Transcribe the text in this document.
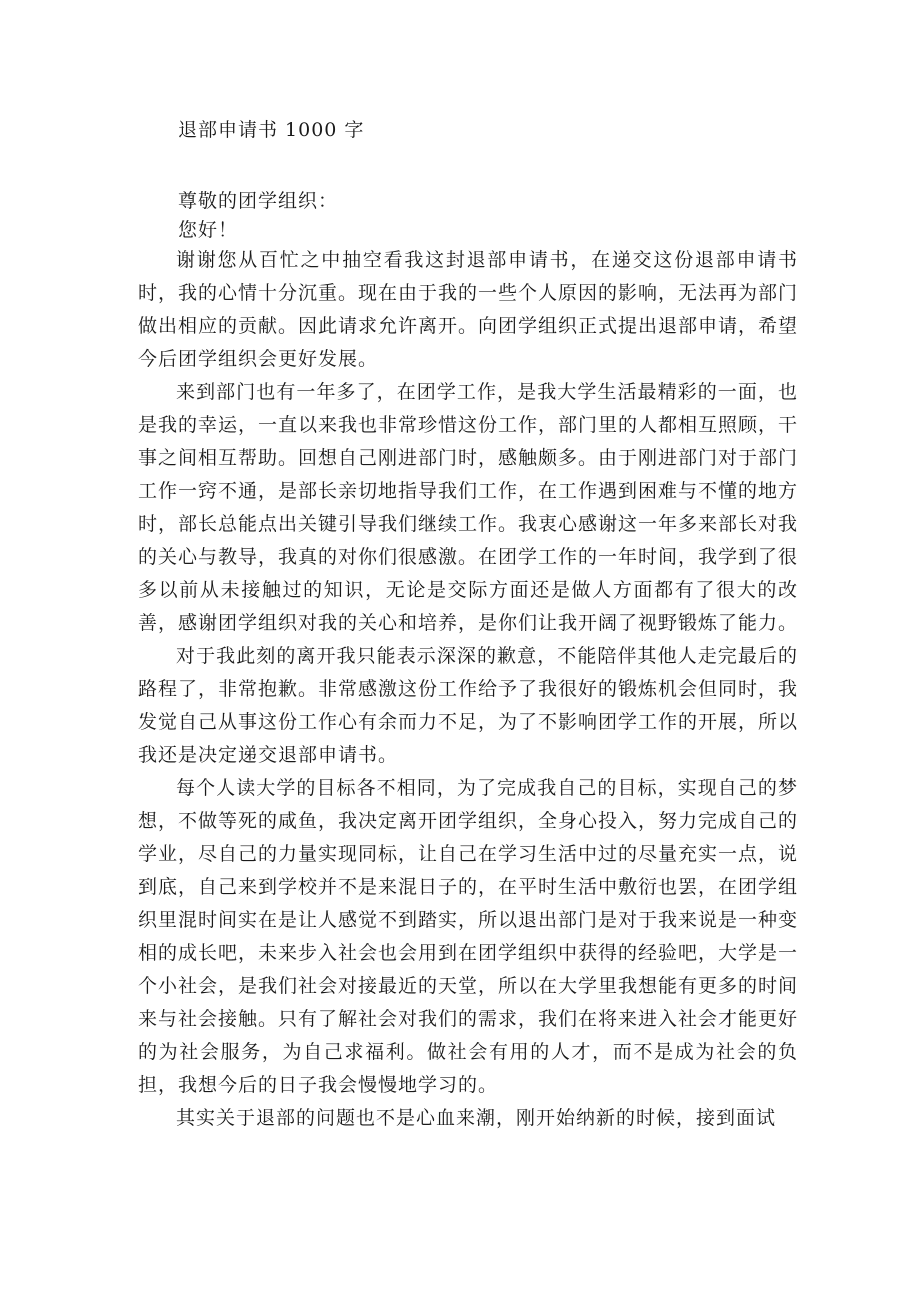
退部申请书 1000 字
尊敬的团学组织：
您好！

谢谢您从百忙之中抽空看我这封退部申请书，在递交这份退部申请书时，我的心情十分沉重。现在由于我的一些个人原因的影响，无法再为部门做出相应的贡献。因此请求允许离开。向团学组织正式提出退部申请，希望今后团学组织会更好发展。

来到部门也有一年多了，在团学工作，是我大学生活最精彩的一面，也是我的幸运，一直以来我也非常珍惜这份工作，部门里的人都相互照顾，干事之间相互帮助。回想自己刚进部门时，感触颇多。由于刚进部门对于部门工作一窍不通，是部长亲切地指导我们工作，在工作遇到困难与不懂的地方时，部长总能点出关键引导我们继续工作。我衷心感谢这一年多来部长对我的关心与教导，我真的对你们很感激。在团学工作的一年时间，我学到了很多以前从未接触过的知识，无论是交际方面还是做人方面都有了很大的改善，感谢团学组织对我的关心和培养，是你们让我开阔了视野锻炼了能力。

对于我此刻的离开我只能表示深深的歉意，不能陪伴其他人走完最后的路程了，非常抱歉。非常感激这份工作给予了我很好的锻炼机会但同时，我发觉自己从事这份工作心有余而力不足，为了不影响团学工作的开展，所以我还是决定递交退部申请书。

每个人读大学的目标各不相同，为了完成我自己的目标，实现自己的梦想，不做等死的咸鱼，我决定离开团学组织，全身心投入，努力完成自己的学业，尽自己的力量实现同标，让自己在学习生活中过的尽量充实一点，说到底，自己来到学校并不是来混日子的，在平时生活中敷衍也罢，在团学组织里混时间实在是让人感觉不到踏实，所以退出部门是对于我来说是一种变相的成长吧，未来步入社会也会用到在团学组织中获得的经验吧，大学是一个小社会，是我们社会对接最近的天堂，所以在大学里我想能有更多的时间来与社会接触。只有了解社会对我们的需求，我们在将来进入社会才能更好的为社会服务，为自己求福利。做社会有用的人才，而不是成为社会的负担，我想今后的日子我会慢慢地学习的。

其实关于退部的问题也不是心血来潮，刚开始纳新的时候，接到面试
